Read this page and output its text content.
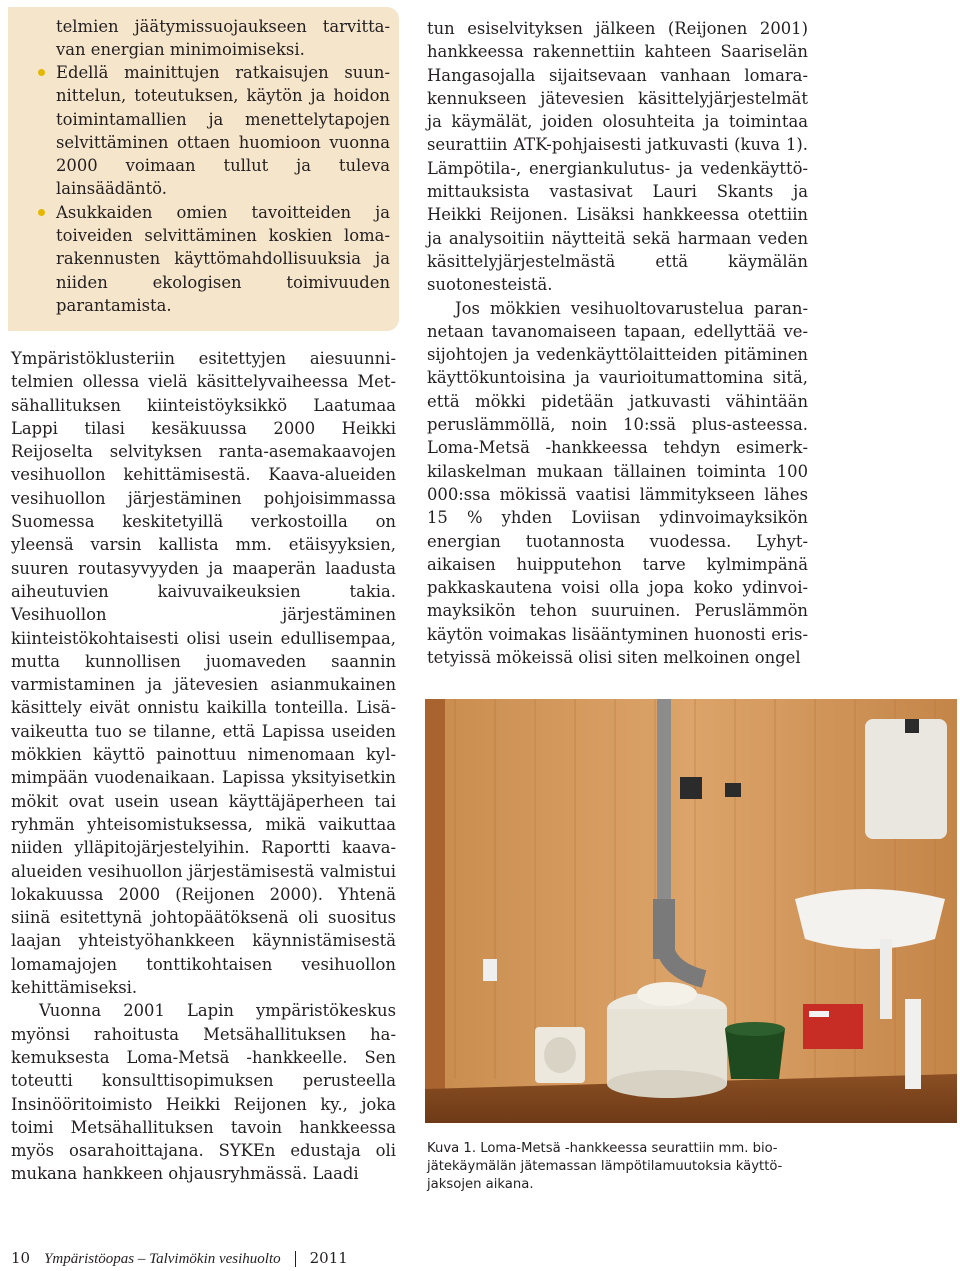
telmien jäätymissuojaukseen tarvittavan energian minimoimiseksi.

Edellä mainittujen ratkaisujen suunnittelun, toteutuksen, käytön ja hoidon toimintamallien ja menettelytapojen selvittäminen ottaen huomioon vuonna 2000 voimaan tullut ja tuleva lainsäädäntö.
Asukkaiden omien tavoitteiden ja toiveiden selvittäminen koskien lomarakennusten käyttömahdollisuuksia ja niiden ekologisen toimivuuden parantamista.

Ympäristöklusteriin esitettyjen aiesuunnitelmien ollessa vielä käsittelyvaiheessa Metsähallituksen kiinteistöyksikkö Laatumaa Lappi tilasi kesäkuussa 2000 Heikki Reijoselta selvityksen ranta-asemakaavojen vesihuollon kehittämisestä. Kaava-alueiden vesihuollon järjestäminen pohjoisimmassa Suomessa keskitetyillä verkostoilla on yleensä varsin kallista mm. etäisyyksien, suuren routasyvyyden ja maaperän laadusta aiheutuvien kaivuvaikeuksien takia. Vesihuollon järjestäminen kiinteistökohtaisesti olisi usein edullisempaa, mutta kunnollisen juomaveden saannin varmistaminen ja jätevesien asianmukainen käsittely eivät onnistu kaikilla tonteilla. Lisävaikeutta tuo se tilanne, että Lapissa useiden mökkien käyttö painottuu nimenomaan kylmimpään vuodenaikaan. Lapissa yksityisetkin mökit ovat usein usean käyttäjäperheen tai ryhmän yhteisomistuksessa, mikä vaikuttaa niiden ylläpitojärjestelyihin. Raportti kaava-alueiden vesihuollon järjestämisestä valmistui lokakuussa 2000 (Reijonen 2000). Yhtenä siinä esitettynä johtopäätöksenä oli suositus laajan yhteistyöhankkeen käynnistämisestä lomamajojen tonttikohtaisen vesihuollon kehittämiseksi.

Vuonna 2001 Lapin ympäristökeskus myönsi rahoitusta Metsähallituksen hakemuksesta Loma-Metsä -hankkeelle. Sen toteutti konsulttisopimuksen perusteella Insinööritoimisto Heikki Reijonen ky., joka toimi Metsähallituksen tavoin hankkeessa myös osarahoittajana. SYKEn edustaja oli mukana hankkeen ohjausryhmässä. Laadi

tun esiselvityksen jälkeen (Reijonen 2001) hankkeessa rakennettiin kahteen Saariselän Hangasojalla sijaitsevaan vanhaan lomarakennukseen jätevesien käsittelyjärjestelmät ja käymälät, joiden olosuhteita ja toimintaa seurattiin ATK-pohjaisesti jatkuvasti (kuva 1). Lämpötila-, energiankulutus- ja vedenkäyttömittauksista vastasivat Lauri Skants ja Heikki Reijonen. Lisäksi hankkeessa otettiin ja analysoitiin näytteitä sekä harmaan veden käsittelyjärjestelmästä että käymälän suotonesteistä.

Jos mökkien vesihuoltovarustelua parannetaan tavanomaiseen tapaan, edellyttää vesijohtojen ja vedenkäyttölaitteiden pitäminen käyttökuntoisina ja vaurioitumattomina sitä, että mökki pidetään jatkuvasti vähintään peruslämmöllä, noin 10:ssä plus-asteessa. Loma-Metsä -hankkeessa tehdyn esimerkkilaskelman mukaan tällainen toiminta 100 000:ssa mökissä vaatisi lämmitykseen lähes 15 % yhden Loviisan ydinvoimayksikön energian tuotannosta vuodessa. Lyhytaikaisen huipputehon tarve kylmimpänä pakkaskautena voisi olla jopa koko ydinvoimayksikön tehon suuruinen. Peruslämmön käytön voimakas lisääntyminen huonosti eristetyissä mökeissä olisi siten melkoinen ongel

Kuva 1. Loma-Metsä -hankkeessa seurattiin mm. biojätekäymälän jätemassan lämpötilamuutoksia käyttöjaksojen aikana.

10 Ympäristöopas – Talvimökin vesihuolto 2011
